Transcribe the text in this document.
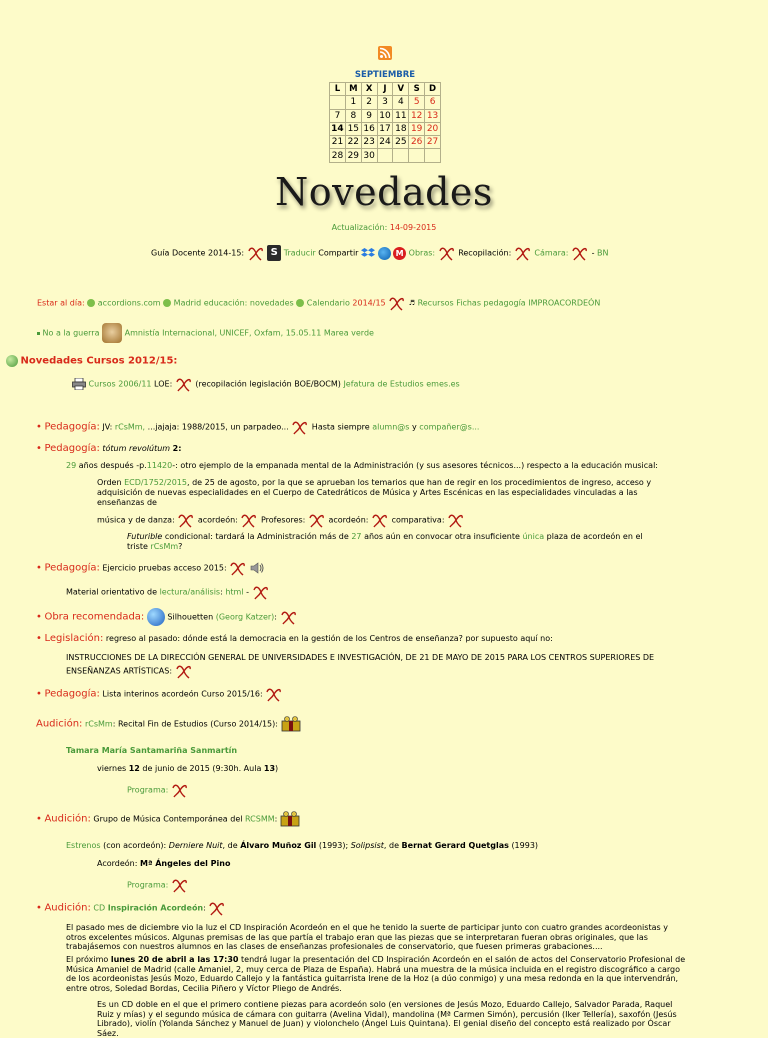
SEPTIEMBRE
L	M	X	J	V	S	D
	1	2	3	4	5	6
7	8	9	10	11	12	13
14	15	16	17	18	19	20
21	22	23	24	25	26	27
28	29	30				
Novedades
Actualización: 14-09-2015
Guía Docente 2014-15:	S Traducir Compartir	M Obras:	Recopilación:	Cámara:	- BN
Estar al día: accordions.com Madrid educación: novedades Calendario 2014/15	♬ Recursos Fichas pedagogía IMPROACORDEÓN
No a la guerra	Amnistía Internacional, UNICEF, Oxfam, 15.05.11 Marea verde
Novedades Cursos 2012/15:
Cursos 2006/11 LOE:	(recopilación legislación BOE/BOCM) Jefatura de Estudios emes.es
• Pedagogía: JV: rCsMm, ...jajaja: 1988/2015, un parpadeo...	Hasta siempre alumn@s y compañer@s...
• Pedagogía: tótum revolútum 2:
29 años después -p.11420-: otro ejemplo de la empanada mental de la Administración (y sus asesores técnicos...) respecto a la educación musical:
Orden ECD/1752/2015, de 25 de agosto, por la que se aprueban los temarios que han de regir en los procedimientos de ingreso, acceso y adquisición de nuevas especialidades en el Cuerpo de Catedráticos de Música y Artes Escénicas en las especialidades vinculadas a las enseñanzas de
música y de danza:	acordeón:	Profesores:	acordeón:	comparativa:
Futurible condicional: tardará la Administración más de 27 años aún en convocar otra insuficiente única plaza de acordeón en el triste rCsMm?
• Pedagogía: Ejercicio pruebas acceso 2015:

Material orientativo de lectura/análisis: html -
• Obra recomendada:	Silhouetten (Georg Katzer):
• Legislación: regreso al pasado: dónde está la democracia en la gestión de los Centros de enseñanza? por supuesto aquí no:
INSTRUCCIONES DE LA DIRECCIÓN GENERAL DE UNIVERSIDADES E INVESTIGACIÓN, DE 21 DE MAYO DE 2015 PARA LOS CENTROS SUPERIORES DE ENSEÑANZAS ARTÍSTICAS:
• Pedagogía: Lista interinos acordeón Curso 2015/16:
Audición: rCsMm: Recital Fin de Estudios (Curso 2014/15):
Tamara María Santamariña Sanmartín
viernes 12 de junio de 2015 (9:30h. Aula 13)
Programa:
• Audición: Grupo de Música Contemporánea del RCSMM:
Estrenos (con acordeón): Derniere Nuit, de Álvaro Muñoz Gil (1993); Solipsist, de Bernat Gerard Quetglas (1993)
Acordeón: Mª Ángeles del Pino
Programa:
• Audición: CD Inspiración Acordeón:
El pasado mes de diciembre vio la luz el CD Inspiración Acordeón en el que he tenido la suerte de participar junto con cuatro grandes acordeonistas y otros excelentes músicos. Algunas premisas de las que partía el trabajo eran que las piezas que se interpretaran fueran obras originales, que las trabajásemos con nuestros alumnos en las clases de enseñanzas profesionales de conservatorio, que fuesen primeras grabaciones....
El próximo lunes 20 de abril a las 17:30 tendrá lugar la presentación del CD Inspiración Acordeón en el salón de actos del Conservatorio Profesional de Música Amaniel de Madrid (calle Amaniel, 2, muy cerca de Plaza de España). Habrá una muestra de la música incluida en el registro discográfico a cargo de los acordeonistas Jesús Mozo, Eduardo Callejo y la fantástica guitarrista Irene de la Hoz (a dúo conmigo) y una mesa redonda en la que intervendrán, entre otros, Soledad Bordas, Cecilia Piñero y Víctor Pliego de Andrés.
Es un CD doble en el que el primero contiene piezas para acordeón solo (en versiones de Jesús Mozo, Eduardo Callejo, Salvador Parada, Raquel Ruiz y mías) y el segundo música de cámara con guitarra (Avelina Vidal), mandolina (Mª Carmen Simón), percusión (Iker Tellería), saxofón (Jesús Librado), violín (Yolanda Sánchez y Manuel de Juan) y violonchelo (Ángel Luis Quintana). El genial diseño del concepto está realizado por Óscar Sáez.
